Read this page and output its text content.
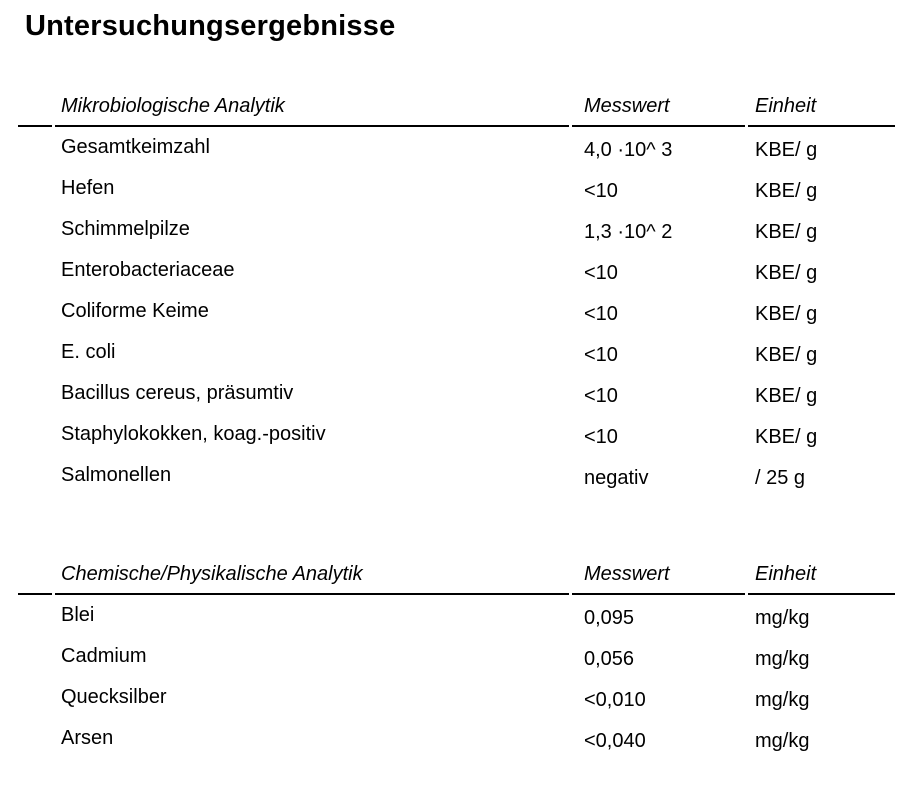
Untersuchungsergebnisse
	Mikrobiologische Analytik	Messwert	Einheit
	Gesamtkeimzahl	4,0 ·10^ 3	KBE/ g
	Hefen	<10	KBE/ g
	Schimmelpilze	1,3 ·10^ 2	KBE/ g
	Enterobacteriaceae	<10	KBE/ g
	Coliforme Keime	<10	KBE/ g
	E. coli	<10	KBE/ g
	Bacillus cereus, präsumtiv	<10	KBE/ g
	Staphylokokken, koag.-positiv	<10	KBE/ g
	Salmonellen	negativ	/ 25 g
	Chemische/Physikalische Analytik	Messwert	Einheit
	Blei	0,095	mg/kg
	Cadmium	0,056	mg/kg
	Quecksilber	<0,010	mg/kg
	Arsen	<0,040	mg/kg
